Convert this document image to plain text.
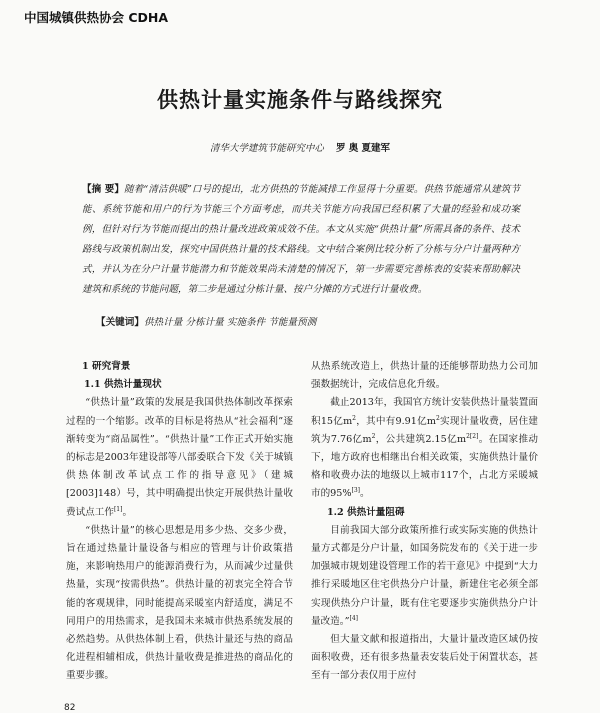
中国城镇供热协会 CDHA
供热计量实施条件与路线探究
清华大学建筑节能研究中心 罗 奥 夏建军

【摘 要】随着“清洁供暖”口号的提出，北方供热的节能减排工作显得十分重要。供热节能通常从建筑节能、系统节能和用户的行为节能三个方面考虑，而共关节能方向我国已经积累了大量的经验和成功案例，但针对行为节能而提出的热计量改进政策成效不佳。本文从实施“供热计量”所需具备的条件、技术路线与政策机制出发，探究中国供热计量的技术路线。文中结合案例比较分析了分栋与分户计量两种方式，并认为在分户计量节能潜力和节能效果尚未清楚的情况下，第一步需要完善栋表的安装来帮助解决建筑和系统的节能问题，第二步是通过分栋计量、按户分摊的方式进行计量收费。

【关键词】供热计量 分栋计量 实施条件 节能量预测

1 研究背景

1.1 供热计量现状

“供热计量”政策的发展是我国供热体制改革探索过程的一个缩影。改革的目标是将热从“社会福利”逐渐转变为“商品属性”。“供热计量”工作正式开始实施的标志是2003年建设部等八部委联合下发《关于城镇供热体制改革试点工作的指导意见》（建城[2003]148）号，其中明确提出快定开展供热计量收费试点工作[1]。

“供热计量”的核心思想是用多少热、交多少费，旨在通过热量计量设备与相应的管理与计价政策措施，来影响热用户的能源消费行为，从而减少过量供热量，实现“按需供热”。供热计量的初衷完全符合节能的客观规律，同时能提高采暖室内舒适度，满足不同用户的用热需求，是我国未来城市供热系统发展的必然趋势。从供热体制上看，供热计量还与热的商品化进程相辅相成，供热计量收费是推进热的商品化的重要步骤。

从热系统改造上，供热计量的还能够帮助热力公司加强数据统计，完成信息化升级。

截止2013年，我国官方统计安装供热计量装置面积15亿$m^2$，其中有9.91亿$m^2$实现计量收费，居住建筑为7.76亿$m^2$，公共建筑2.15亿$m^{2[2]}$。在国家推动下，地方政府也相继出台相关政策，实施供热计量价格和收费办法的地级以上城市117个，占北方采暖城市的95%[3]。

1.2 供热计量阻碍

目前我国大部分政策所推行或实际实施的供热计量方式都是分户计量，如国务院发布的《关于进一步加强城市规划建设管理工作的若干意见》中提到“大力推行采暖地区住宅供热分户计量，新建住宅必须全部实现供热分户计量，既有住宅要逐步实施供热分户计量改造。”[4]

但大量文献和报道指出，大量计量改造区域仍按面积收费，还有很多热量表安装后处于闲置状态，甚至有一部分表仅用于应付

82
